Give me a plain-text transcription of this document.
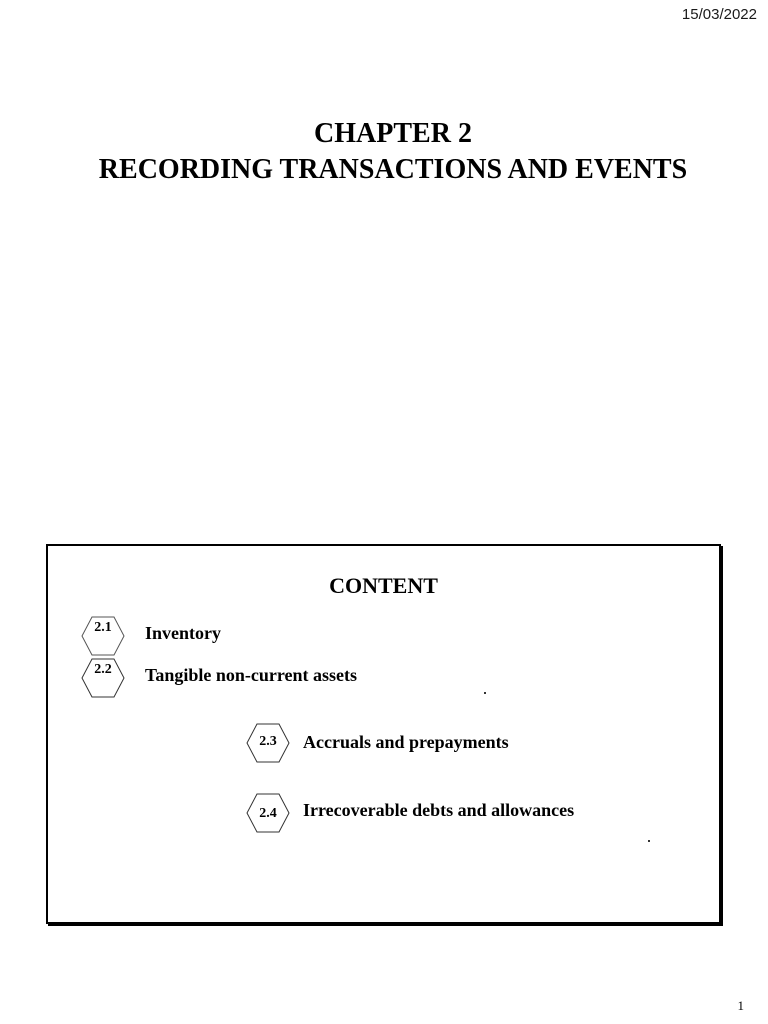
15/03/2022
CHAPTER 2
RECORDING TRANSACTIONS AND EVENTS
CONTENT
2.1	Inventory
2.2	Tangible non-current assets
2.3	Accruals and prepayments
2.4	Irrecoverable debts and allowances
1
